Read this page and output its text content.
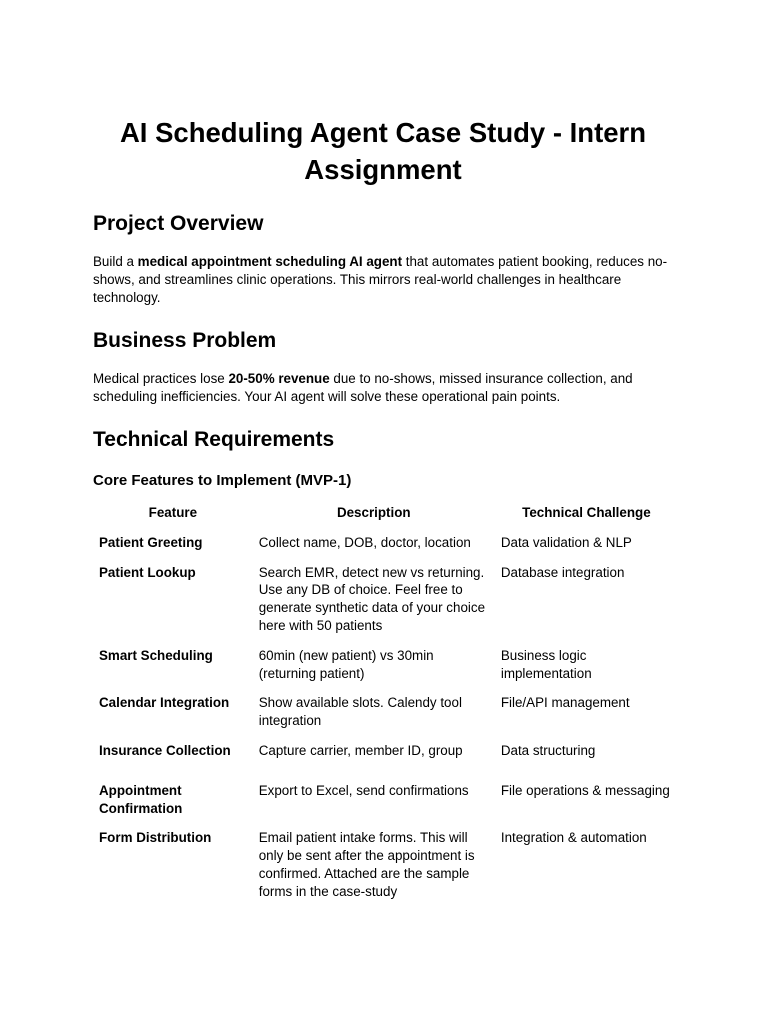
AI Scheduling Agent Case Study - Intern Assignment
Project Overview

Build a medical appointment scheduling AI agent that automates patient booking, reduces no-shows, and streamlines clinic operations. This mirrors real-world challenges in healthcare technology.

Business Problem

Medical practices lose 20-50% revenue due to no-shows, missed insurance collection, and scheduling inefficiencies. Your AI agent will solve these operational pain points.

Technical Requirements
Core Features to Implement (MVP-1)
Feature	Description	Technical Challenge
Patient Greeting	Collect name, DOB, doctor, location	Data validation & NLP
Patient Lookup	Search EMR, detect new vs returning. Use any DB of choice. Feel free to generate synthetic data of your choice here with 50 patients	Database integration
Smart Scheduling	60min (new patient) vs 30min (returning patient)	Business logic implementation
Calendar Integration	Show available slots. Calendy tool integration	File/API management
Insurance Collection	Capture carrier, member ID, group	Data structuring
Appointment Confirmation	Export to Excel, send confirmations	File operations & messaging
Form Distribution	Email patient intake forms. This will only be sent after the appointment is confirmed. Attached are the sample forms in the case-study	Integration & automation
